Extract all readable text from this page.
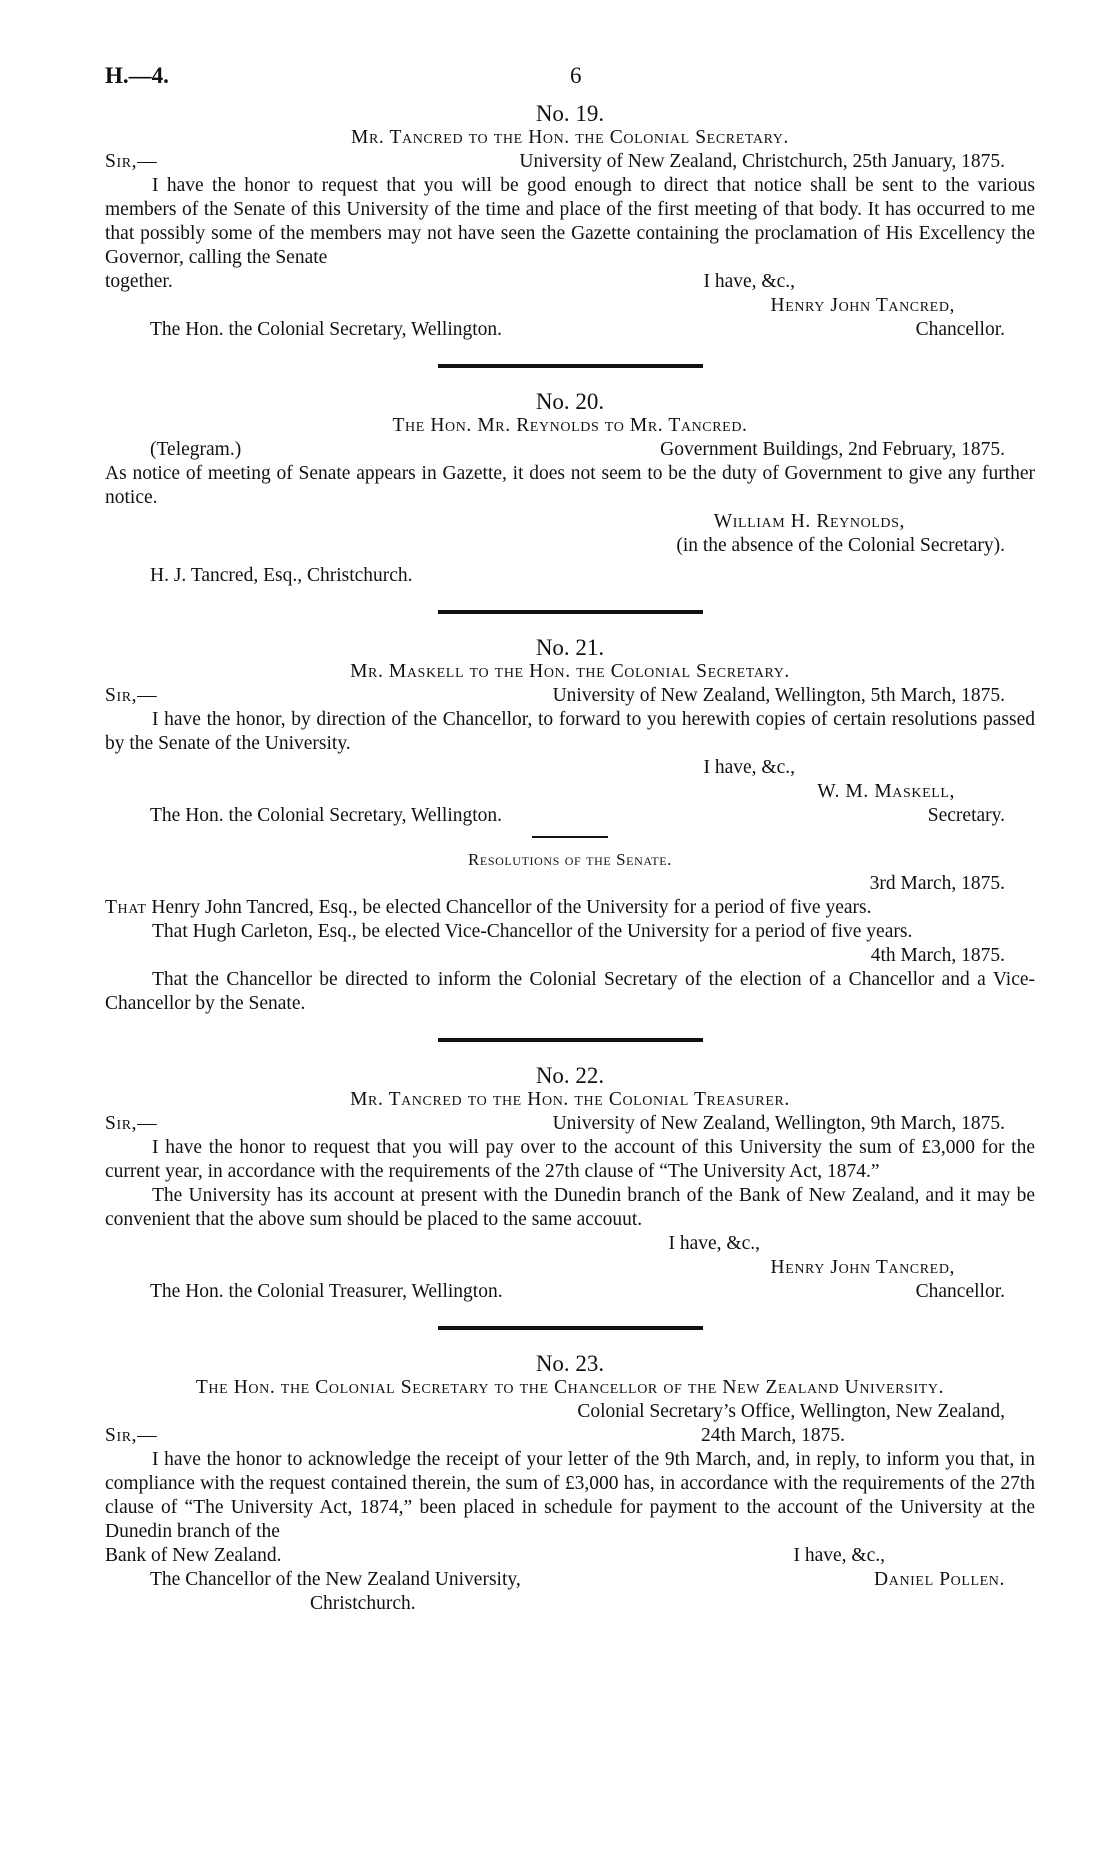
H.—4.	6
No. 19.
Mr. Tancred to the Hon. the Colonial Secretary.
Sir,—	University of New Zealand, Christchurch, 25th January, 1875.

I have the honor to request that you will be good enough to direct that notice shall be sent to the various members of the Senate of this University of the time and place of the first meeting of that body. It has occurred to me that possibly some of the members may not have seen the Gazette containing the proclamation of His Excellency the Governor, calling the Senate

together.	I have, &c.,
Henry John Tancred,
The Hon. the Colonial Secretary, Wellington.	Chancellor.
No. 20.
The Hon. Mr. Reynolds to Mr. Tancred.
(Telegram.)	Government Buildings, 2nd February, 1875.

As notice of meeting of Senate appears in Gazette, it does not seem to be the duty of Government to give any further notice.

William H. Reynolds,
(in the absence of the Colonial Secretary).
H. J. Tancred, Esq., Christchurch.
No. 21.
Mr. Maskell to the Hon. the Colonial Secretary.
Sir,—	University of New Zealand, Wellington, 5th March, 1875.

I have the honor, by direction of the Chancellor, to forward to you herewith copies of certain resolutions passed by the Senate of the University.

I have, &c.,
W. M. Maskell,
The Hon. the Colonial Secretary, Wellington.	Secretary.
Resolutions of the Senate.
3rd March, 1875.

That Henry John Tancred, Esq., be elected Chancellor of the University for a period of five years.

That Hugh Carleton, Esq., be elected Vice-Chancellor of the University for a period of five years.

4th March, 1875.

That the Chancellor be directed to inform the Colonial Secretary of the election of a Chancellor and a Vice-Chancellor by the Senate.

No. 22.
Mr. Tancred to the Hon. the Colonial Treasurer.
Sir,—	University of New Zealand, Wellington, 9th March, 1875.

I have the honor to request that you will pay over to the account of this University the sum of £3,000 for the current year, in accordance with the requirements of the 27th clause of “The University Act, 1874.”

The University has its account at present with the Dunedin branch of the Bank of New Zealand, and it may be convenient that the above sum should be placed to the same accouut.

I have, &c.,
Henry John Tancred,
The Hon. the Colonial Treasurer, Wellington.	Chancellor.
No. 23.
The Hon. the Colonial Secretary to the Chancellor of the New Zealand University.
Colonial Secretary’s Office, Wellington, New Zealand,
Sir,—	24th March, 1875.

I have the honor to acknowledge the receipt of your letter of the 9th March, and, in reply, to inform you that, in compliance with the request contained therein, the sum of £3,000 has, in accordance with the requirements of the 27th clause of “The University Act, 1874,” been placed in schedule for payment to the account of the University at the Dunedin branch of the

Bank of New Zealand.	I have, &c.,
The Chancellor of the New Zealand University,	Daniel Pollen.
Christchurch.
